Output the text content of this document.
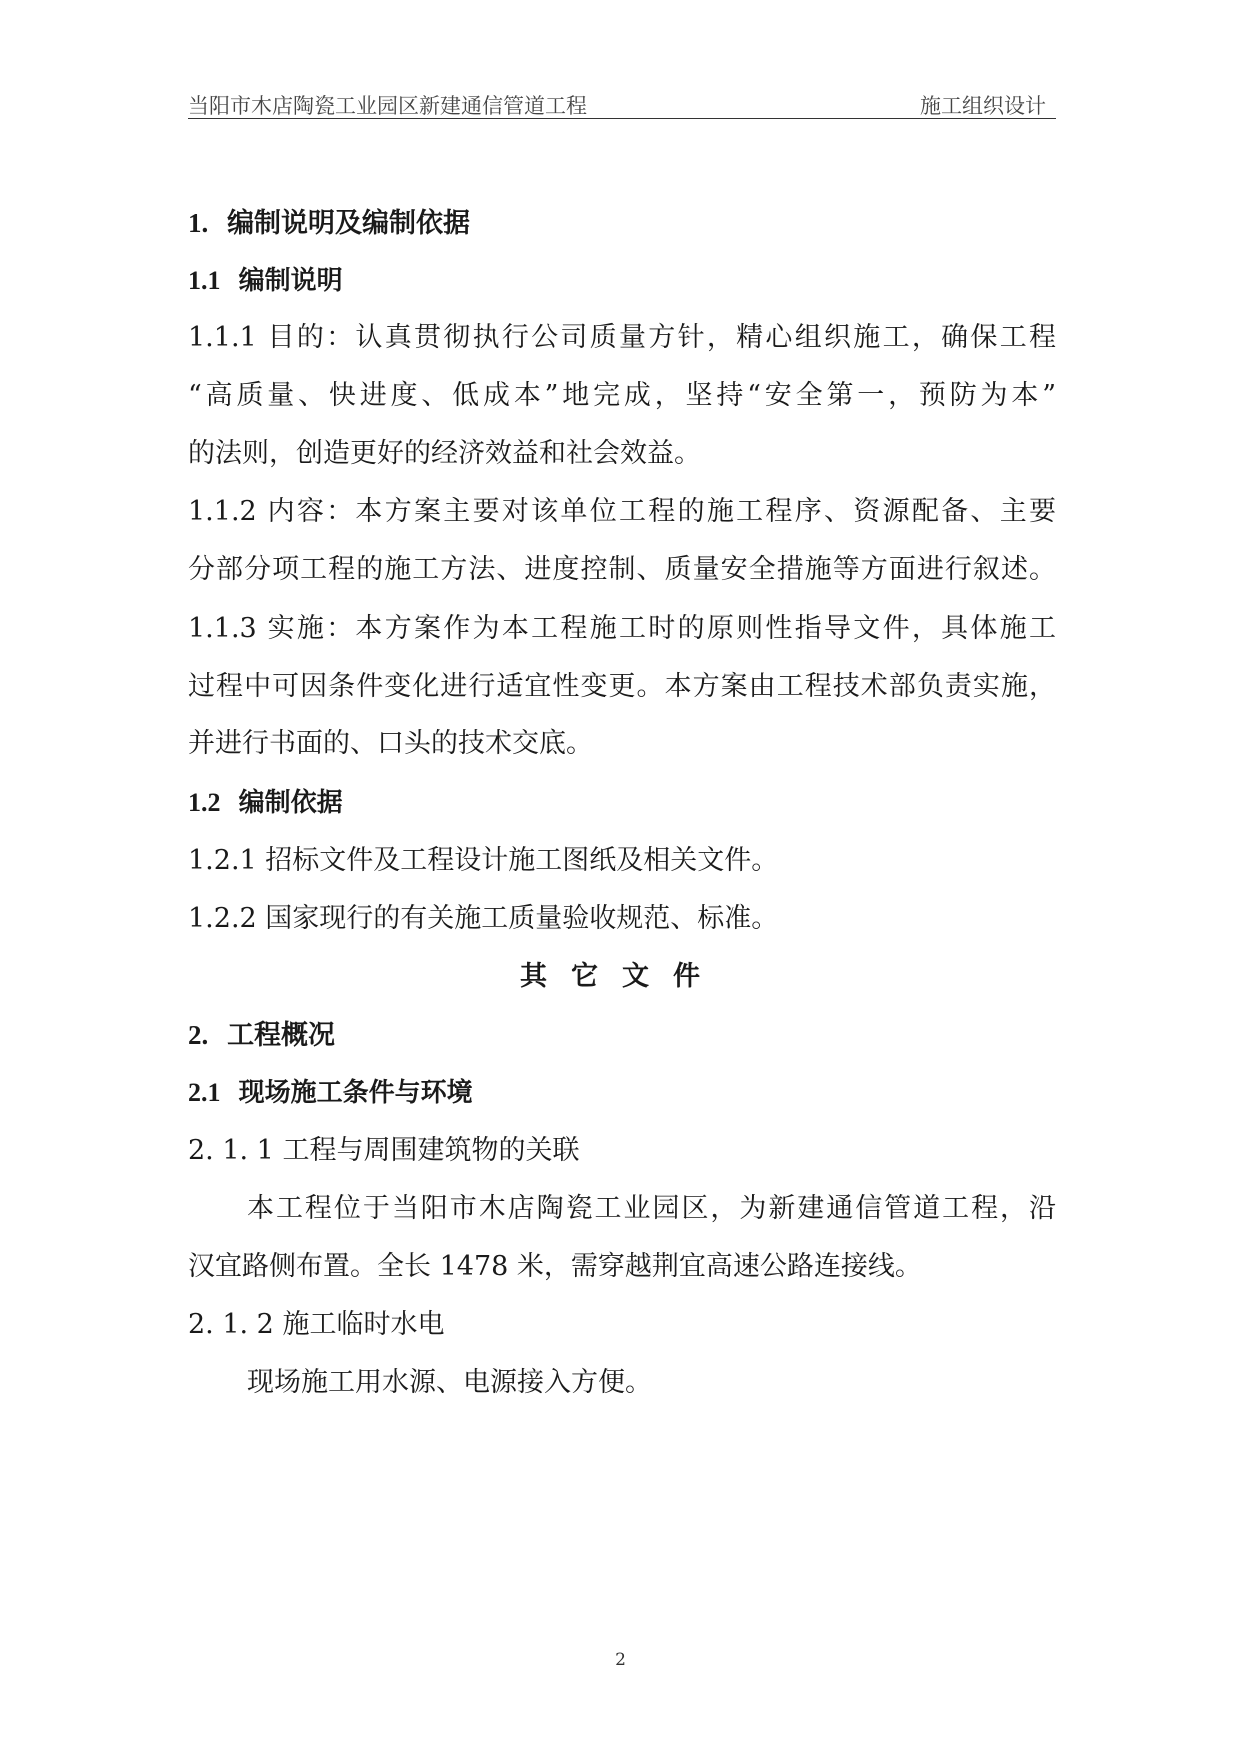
当阳市木店陶瓷工业园区新建通信管道工程	施工组织设计
1. 编制说明及编制依据
1.1 编制说明
1.1.1 目的：认真贯彻执行公司质量方针，精心组织施工，确保工程
“高质量、快进度、低成本”地完成，坚持“安全第一，预防为本”
的法则，创造更好的经济效益和社会效益。
1.1.2 内容：本方案主要对该单位工程的施工程序、资源配备、主要
分部分项工程的施工方法、进度控制、质量安全措施等方面进行叙述。
1.1.3 实施：本方案作为本工程施工时的原则性指导文件，具体施工
过程中可因条件变化进行适宜性变更。本方案由工程技术部负责实施，
并进行书面的、口头的技术交底。
1.2 编制依据
1.2.1 招标文件及工程设计施工图纸及相关文件。
1.2.2 国家现行的有关施工质量验收规范、标准。
其它文件
2. 工程概况
2.1 现场施工条件与环境
2. 1. 1 工程与周围建筑物的关联
本工程位于当阳市木店陶瓷工业园区，为新建通信管道工程，沿
汉宜路侧布置。全长 1478 米，需穿越荆宜高速公路连接线。
2. 1. 2 施工临时水电
现场施工用水源、电源接入方便。
2
